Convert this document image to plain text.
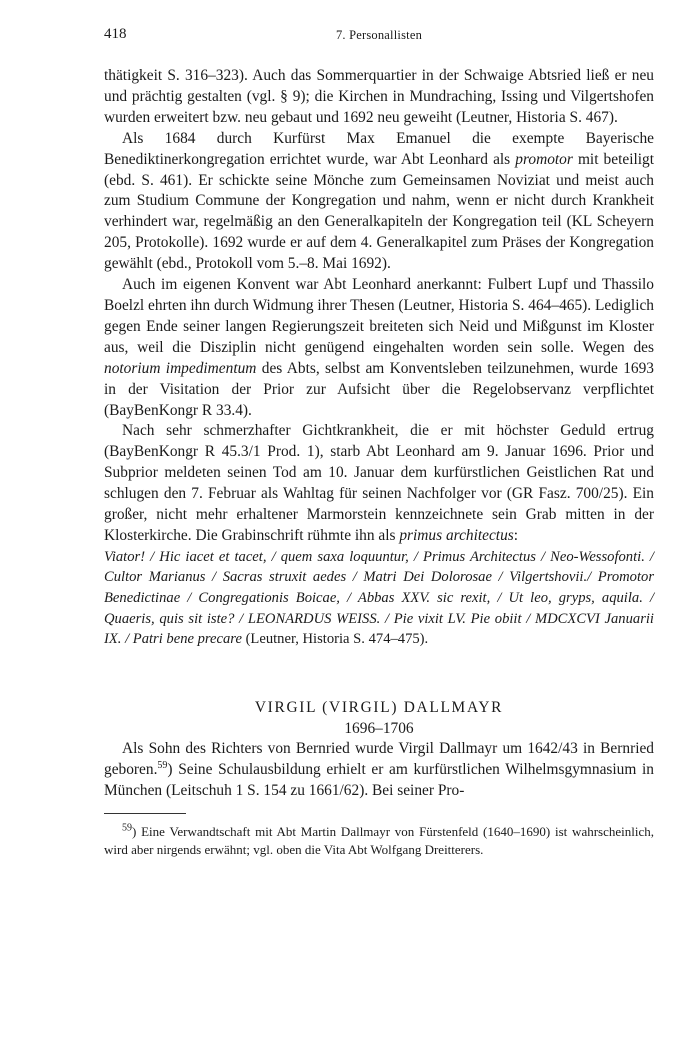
418	7. Personallisten

thätigkeit S. 316–323). Auch das Sommerquartier in der Schwaige Abtsried ließ er neu und prächtig gestalten (vgl. § 9); die Kirchen in Mundraching, Issing und Vilgertshofen wurden erweitert bzw. neu gebaut und 1692 neu geweiht (Leutner, Historia S. 467).

Als 1684 durch Kurfürst Max Emanuel die exempte Bayerische Benediktinerkongregation errichtet wurde, war Abt Leonhard als promotor mit beteiligt (ebd. S. 461). Er schickte seine Mönche zum Gemeinsamen Noviziat und meist auch zum Studium Commune der Kongregation und nahm, wenn er nicht durch Krankheit verhindert war, regelmäßig an den Generalkapiteln der Kongregation teil (KL Scheyern 205, Protokolle). 1692 wurde er auf dem 4. Generalkapitel zum Präses der Kongregation gewählt (ebd., Protokoll vom 5.–8. Mai 1692).

Auch im eigenen Konvent war Abt Leonhard anerkannt: Fulbert Lupf und Thassilo Boelzl ehrten ihn durch Widmung ihrer Thesen (Leutner, Historia S. 464–465). Lediglich gegen Ende seiner langen Regierungszeit breiteten sich Neid und Mißgunst im Kloster aus, weil die Disziplin nicht genügend eingehalten worden sein solle. Wegen des notorium impedimentum des Abts, selbst am Konventsleben teilzunehmen, wurde 1693 in der Visitation der Prior zur Aufsicht über die Regelobservanz verpflichtet (BayBenKongr R 33.4).

Nach sehr schmerzhafter Gichtkrankheit, die er mit höchster Geduld ertrug (BayBenKongr R 45.3/1 Prod. 1), starb Abt Leonhard am 9. Januar 1696. Prior und Subprior meldeten seinen Tod am 10. Januar dem kurfürstlichen Geistlichen Rat und schlugen den 7. Februar als Wahltag für seinen Nachfolger vor (GR Fasz. 700/25). Ein großer, nicht mehr erhaltener Marmorstein kennzeichnete sein Grab mitten in der Klosterkirche. Die Grabinschrift rühmte ihn als primus architectus:

Viator! / Hic iacet et tacet, / quem saxa loquuntur, / Primus Architectus / Neo-Wessofonti. / Cultor Marianus / Sacras struxit aedes / Matri Dei Dolorosae / Vilgertshovii./ Promotor Benedictinae / Congregationis Boicae, / Abbas XXV. sic rexit, / Ut leo, gryps, aquila. / Quaeris, quis sit iste? / LEONARDUS WEISS. / Pie vixit LV. Pie obiit / MDCXCVI Januarii IX. / Patri bene precare (Leutner, Historia S. 474–475).

VIRGIL (VIRGIL) DALLMAYR
1696–1706

Als Sohn des Richters von Bernried wurde Virgil Dallmayr um 1642/43 in Bernried geboren.$^{59}$) Seine Schulausbildung erhielt er am kurfürstlichen Wilhelmsgymnasium in München (Leitschuh 1 S. 154 zu 1661/62). Bei seiner Pro-

$^{59}$) Eine Verwandtschaft mit Abt Martin Dallmayr von Fürstenfeld (1640–1690) ist wahrscheinlich, wird aber nirgends erwähnt; vgl. oben die Vita Abt Wolfgang Dreitterers.
